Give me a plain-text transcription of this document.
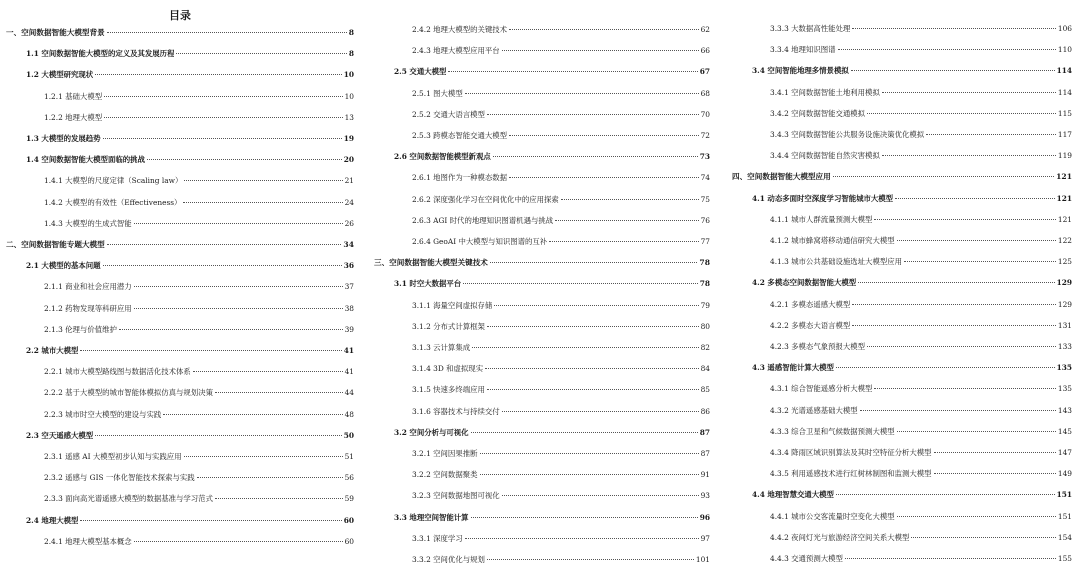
目录
一、空间数据智能大模型背景	8
1.1 空间数据智能大模型的定义及其发展历程	8
1.2 大模型研究现状	10
1.2.1 基础大模型	10
1.2.2 地理大模型	13
1.3 大模型的发展趋势	19
1.4 空间数据智能大模型面临的挑战	20
1.4.1 大模型的尺度定律（Scaling law）	21
1.4.2 大模型的有效性（Effectiveness）	24
1.4.3 大模型的生成式智能	26
二、空间数据智能专题大模型	34
2.1 大模型的基本问题	36
2.1.1 商业和社会应用潜力	37
2.1.2 药物发现等科研应用	38
2.1.3 伦理与价值维护	39
2.2 城市大模型	41
2.2.1 城市大模型路线图与数据活化技术体系	41
2.2.2 基于大模型的城市智能体模拟仿真与规划决策	44
2.2.3 城市时空大模型的建设与实践	48
2.3 空天遥感大模型	50
2.3.1 遥感 AI 大模型初步认知与实践应用	51
2.3.2 遥感与 GIS 一体化智能技术探索与实践	56
2.3.3 面向高光谱遥感大模型的数据基准与学习范式	59
2.4 地理大模型	60
2.4.1 地理大模型基本概念	60
2.4.2 地理大模型的关键技术	62
2.4.3 地理大模型应用平台	66
2.5 交通大模型	67
2.5.1 图大模型	68
2.5.2 交通大语言模型	70
2.5.3 跨模态智能交通大模型	72
2.6 空间数据智能模型新观点	73
2.6.1 地图作为一种模态数据	74
2.6.2 深度强化学习在空间优化中的应用探索	75
2.6.3 AGI 时代的地理知识图谱机遇与挑战	76
2.6.4 GeoAI 中大模型与知识图谱的互补	77
三、空间数据智能大模型关键技术	78
3.1 时空大数据平台	78
3.1.1 海量空间虚拟存储	79
3.1.2 分布式计算框架	80
3.1.3 云计算集成	82
3.1.4 3D 和虚拟现实	84
3.1.5 快速多终端应用	85
3.1.6 容器技术与持续交付	86
3.2 空间分析与可视化	87
3.2.1 空间因果推断	87
3.2.2 空间数据聚类	91
3.2.3 空间数据地图可视化	93
3.3 地理空间智能计算	96
3.3.1 深度学习	97
3.3.2 空间优化与规划	101
3.3.3 大数据高性能处理	106
3.3.4 地理知识图谱	110
3.4 空间智能地理多情景模拟	114
3.4.1 空间数据智能土地利用模拟	114
3.4.2 空间数据智能交通模拟	115
3.4.3 空间数据智能公共服务设施决策优化模拟	117
3.4.4 空间数据智能自然灾害模拟	119
四、空间数据智能大模型应用	121
4.1 动态多面时空深度学习智能城市大模型	121
4.1.1 城市人群流量预测大模型	121
4.1.2 城市蜂窝塔移动通信研究大模型	122
4.1.3 城市公共基础设施选址大模型应用	125
4.2 多模态空间数据智能大模型	129
4.2.1 多模态遥感大模型	129
4.2.2 多模态大语言模型	131
4.2.3 多模态气象预报大模型	133
4.3 遥感智能计算大模型	135
4.3.1 综合智能遥感分析大模型	135
4.3.2 光谱遥感基础大模型	143
4.3.3 综合卫星和气候数据预测大模型	145
4.3.4 降雨区域识别算法及其时空特征分析大模型	147
4.3.5 利用遥感技术进行红树林制图和监测大模型	149
4.4 地理智慧交通大模型	151
4.4.1 城市公交客流量时空变化大模型	151
4.4.2 夜间灯光与旅游经济空间关系大模型	154
4.4.3 交通预测大模型	155
